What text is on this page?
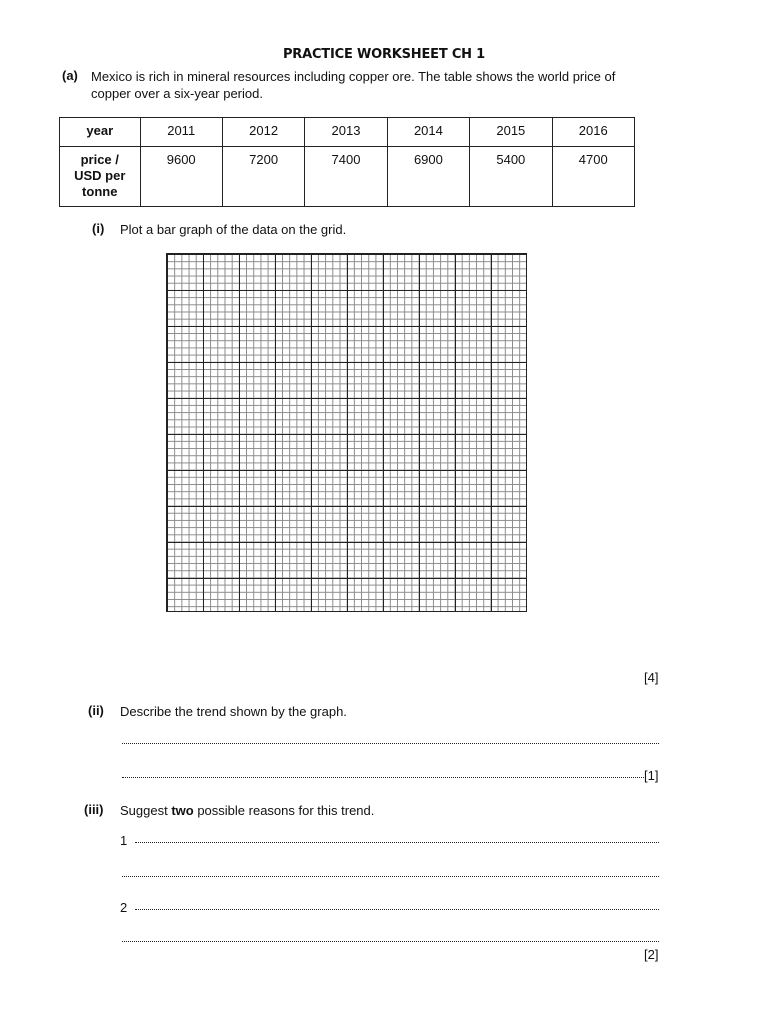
PRACTICE WORKSHEET CH 1
(a) Mexico is rich in mineral resources including copper ore. The table shows the world price of
copper over a six-year period.
year	2011	2012	2013	2014	2015	2016

price /
USD per
tonne	9600	7200	7400	6900	5400	4700
(i) Plot a bar graph of the data on the grid.
[4]
(ii) Describe the trend shown by the graph.
[1]
(iii) Suggest two possible reasons for this trend.
1
2
[2]
